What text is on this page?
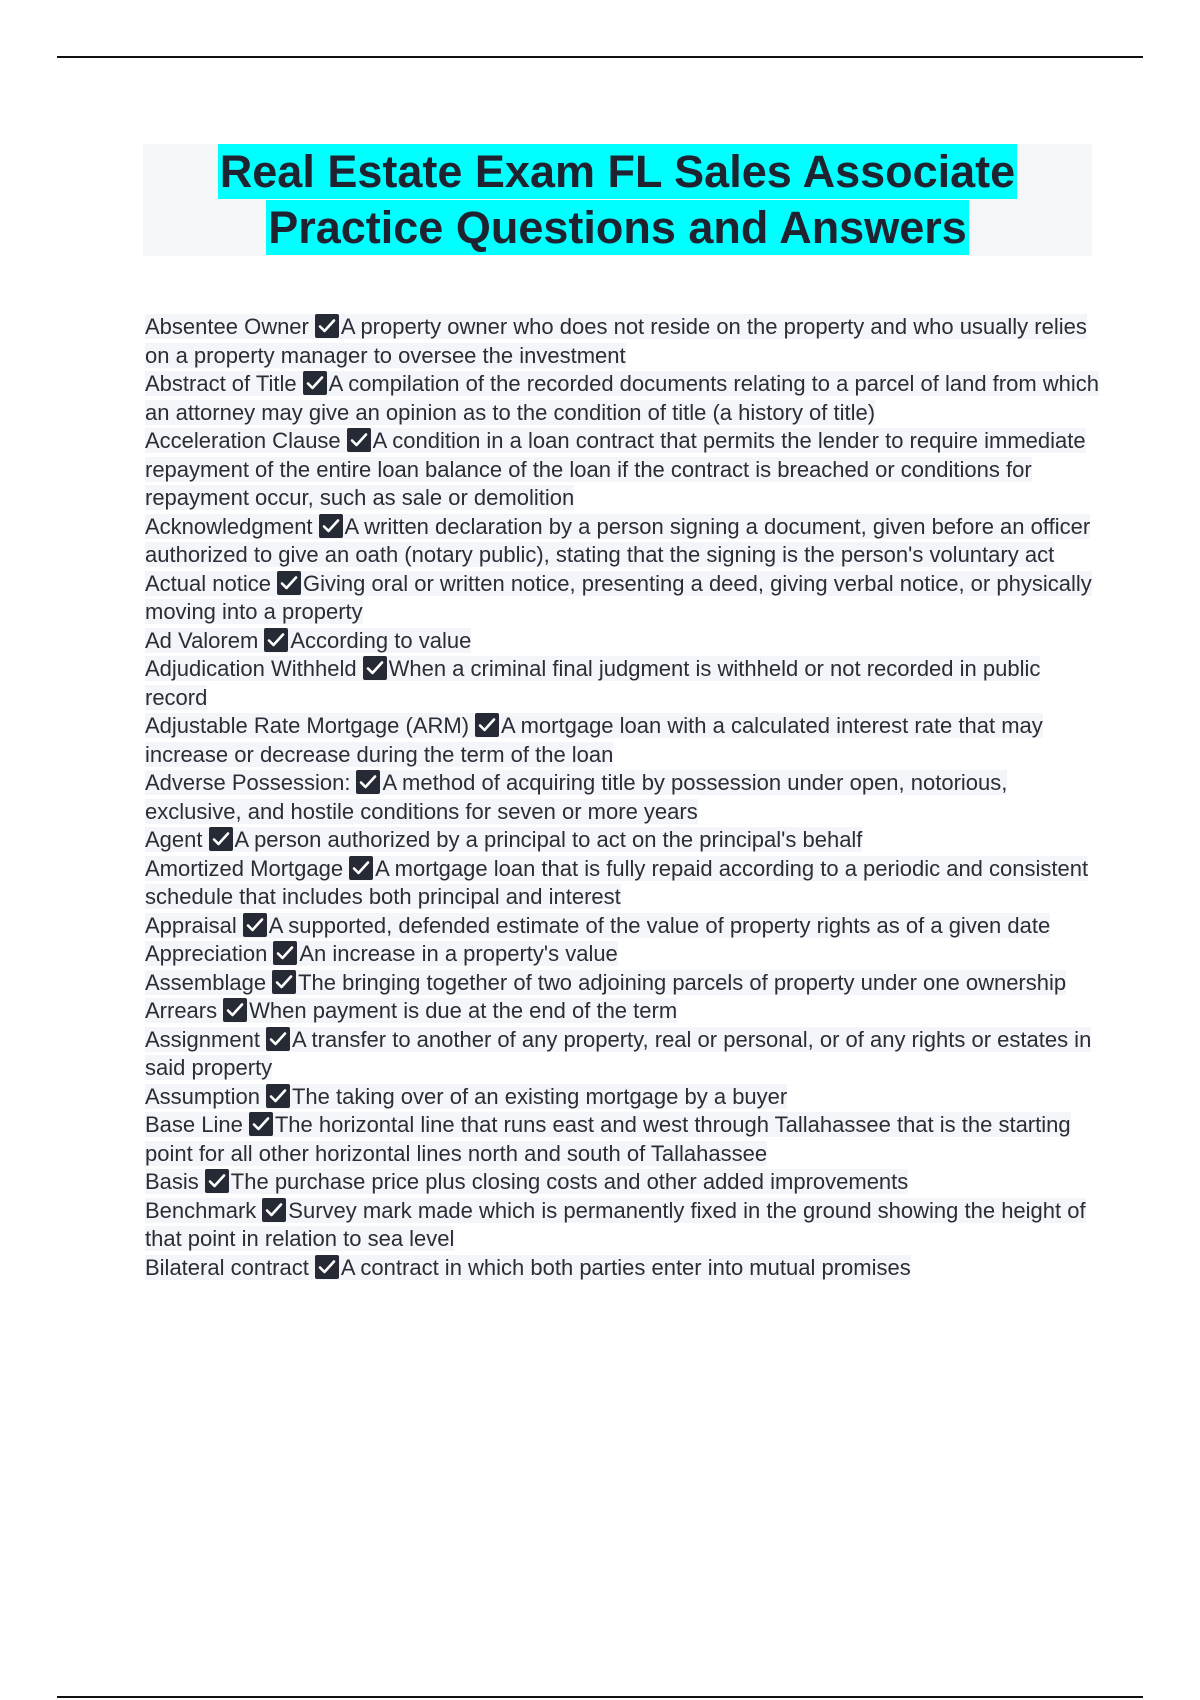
Real Estate Exam FL Sales Associate
Practice Questions and Answers
Absentee Owner A property owner who does not reside on the property and who usually relies on a property manager to oversee the investment
Abstract of Title A compilation of the recorded documents relating to a parcel of land from which an attorney may give an opinion as to the condition of title (a history of title)
Acceleration Clause A condition in a loan contract that permits the lender to require immediate repayment of the entire loan balance of the loan if the contract is breached or conditions for repayment occur, such as sale or demolition
Acknowledgment A written declaration by a person signing a document, given before an officer authorized to give an oath (notary public), stating that the signing is the person's voluntary act
Actual notice Giving oral or written notice, presenting a deed, giving verbal notice, or physically moving into a property
Ad Valorem According to value
Adjudication Withheld When a criminal final judgment is withheld or not recorded in public record
Adjustable Rate Mortgage (ARM) A mortgage loan with a calculated interest rate that may increase or decrease during the term of the loan
Adverse Possession: A method of acquiring title by possession under open, notorious, exclusive, and hostile conditions for seven or more years
Agent A person authorized by a principal to act on the principal's behalf
Amortized Mortgage A mortgage loan that is fully repaid according to a periodic and consistent schedule that includes both principal and interest
Appraisal A supported, defended estimate of the value of property rights as of a given date
Appreciation An increase in a property's value
Assemblage The bringing together of two adjoining parcels of property under one ownership
Arrears When payment is due at the end of the term
Assignment A transfer to another of any property, real or personal, or of any rights or estates in said property
Assumption The taking over of an existing mortgage by a buyer
Base Line The horizontal line that runs east and west through Tallahassee that is the starting point for all other horizontal lines north and south of Tallahassee
Basis The purchase price plus closing costs and other added improvements
Benchmark Survey mark made which is permanently fixed in the ground showing the height of that point in relation to sea level
Bilateral contract A contract in which both parties enter into mutual promises
